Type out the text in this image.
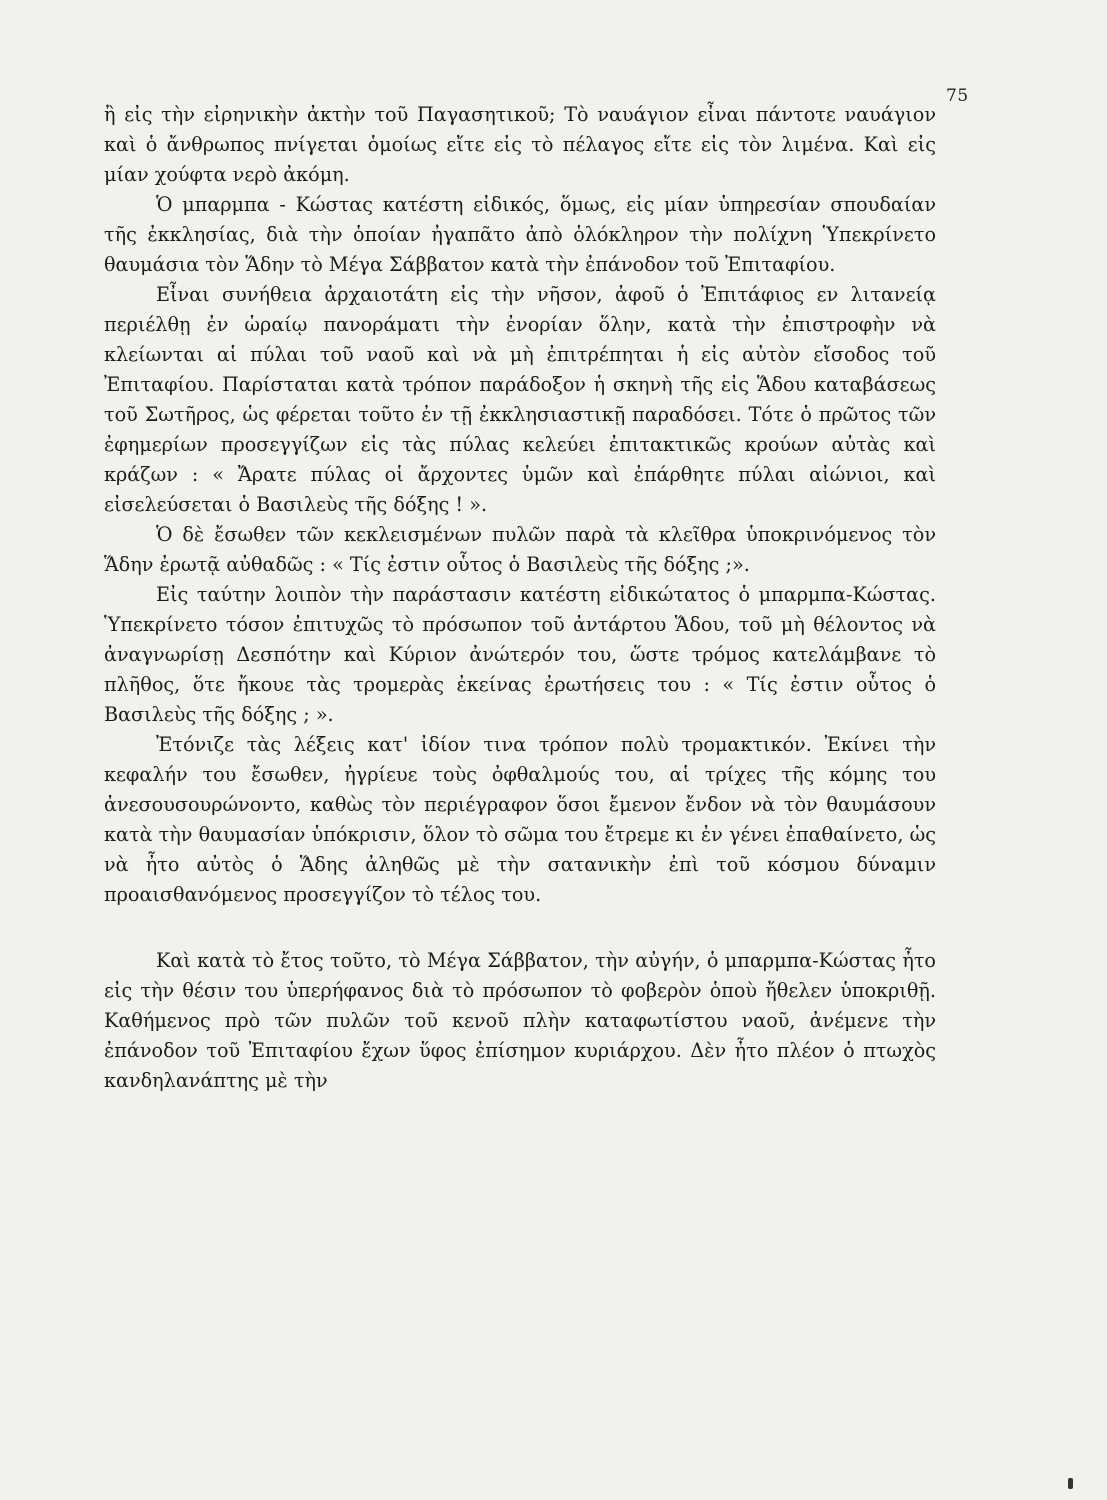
75

ἢ εἰς τὴν εἰρηνικὴν ἀκτὴν τοῦ Παγασητικοῦ; Τὸ ναυάγιον εἶναι πάντοτε ναυάγιον καὶ ὁ ἄνθρωπος πνίγεται ὁμοίως εἴτε εἰς τὸ πέλαγος εἴτε εἰς τὸν λιμένα. Καὶ εἰς μίαν χούφτα νερὸ ἀκόμη.

Ὁ μπαρμπα - Κώστας κατέστη εἰδικός, ὅμως, εἰς μίαν ὑπηρεσίαν σπουδαίαν τῆς ἐκκλησίας, διὰ τὴν ὁποίαν ἠγαπᾶτο ἀπὸ ὁλόκληρον τὴν πολίχνη Ὑπεκρίνετο θαυμάσια τὸν Ἅδην τὸ Μέγα Σάββατον κατὰ τὴν ἐπάνοδον τοῦ Ἐπιταφίου.

Εἶναι συνήθεια ἀρχαιοτάτη εἰς τὴν νῆσον, ἀφοῦ ὁ Ἐπιτάφιος εν λιτανείᾳ περιέλθῃ ἐν ὡραίῳ πανοράματι τὴν ἐνορίαν ὅλην, κατὰ τὴν ἐπιστροφὴν νὰ κλείωνται αἱ πύλαι τοῦ ναοῦ καὶ νὰ μὴ ἐπιτρέπηται ἡ εἰς αὐτὸν εἴσοδος τοῦ Ἐπιταφίου. Παρίσταται κατὰ τρόπον παράδοξον ἡ σκηνὴ τῆς εἰς Ἅδου καταβάσεως τοῦ Σωτῆρος, ὡς φέρεται τοῦτο ἐν τῇ ἐκκλησιαστικῇ παραδόσει. Τότε ὁ πρῶτος τῶν ἐφημερίων προσεγγίζων εἰς τὰς πύλας κελεύει ἐπιτακτικῶς κρούων αὐτὰς καὶ κράζων : « Ἄρατε πύλας οἱ ἄρχοντες ὑμῶν καὶ ἐπάρθητε πύλαι αἰώνιοι, καὶ εἰσελεύσεται ὁ Βασιλεὺς τῆς δόξης ! ».

Ὁ δὲ ἔσωθεν τῶν κεκλεισμένων πυλῶν παρὰ τὰ κλεῖθρα ὑποκρινόμενος τὸν Ἅδην ἐρωτᾷ αὐθαδῶς : « Τίς ἐστιν οὗτος ὁ Βασιλεὺς τῆς δόξης ;».

Εἰς ταύτην λοιπὸν τὴν παράστασιν κατέστη εἰδικώτατος ὁ μπαρμπα-Κώστας. Ὑπεκρίνετο τόσον ἐπιτυχῶς τὸ πρόσωπον τοῦ ἀντάρτου Ἅδου, τοῦ μὴ θέλοντος νὰ ἀναγνωρίσῃ Δεσπότην καὶ Κύριον ἀνώτερόν του, ὥστε τρόμος κατελάμβανε τὸ πλῆθος, ὅτε ἤκουε τὰς τρομερὰς ἐκείνας ἐρωτήσεις του : « Τίς ἐστιν οὗτος ὁ Βασιλεὺς τῆς δόξης ; ».

Ἐτόνιζε τὰς λέξεις κατ' ἰδίον τινα τρόπον πολὺ τρομακτικόν. Ἐκίνει τὴν κεφαλήν του ἔσωθεν, ἠγρίευε τοὺς ὀφθαλμούς του, αἱ τρίχες τῆς κόμης του ἀνεσουσουρώνοντο, καθὼς τὸν περιέγραφον ὅσοι ἔμενον ἔνδον νὰ τὸν θαυμάσουν κατὰ τὴν θαυμασίαν ὑπόκρισιν, ὅλον τὸ σῶμα του ἔτρεμε κι ἐν γένει ἐπαθαίνετο, ὡς νὰ ἦτο αὐτὸς ὁ Ἅδης ἀληθῶς μὲ τὴν σατανικὴν ἐπὶ τοῦ κόσμου δύναμιν προαισθανόμενος προσεγγίζον τὸ τέλος του.

Καὶ κατὰ τὸ ἔτος τοῦτο, τὸ Μέγα Σάββατον, τὴν αὐγήν, ὁ μπαρμπα-Κώστας ἦτο εἰς τὴν θέσιν του ὑπερήφανος διὰ τὸ πρόσωπον τὸ φοβερὸν ὁποὺ ἤθελεν ὑποκριθῇ. Καθήμενος πρὸ τῶν πυλῶν τοῦ κενοῦ πλὴν καταφωτίστου ναοῦ, ἀνέμενε τὴν ἐπάνοδον τοῦ Ἐπιταφίου ἔχων ὕφος ἐπίσημον κυριάρχου. Δὲν ἦτο πλέον ὁ πτωχὸς κανδηλανάπτης μὲ τὴν
